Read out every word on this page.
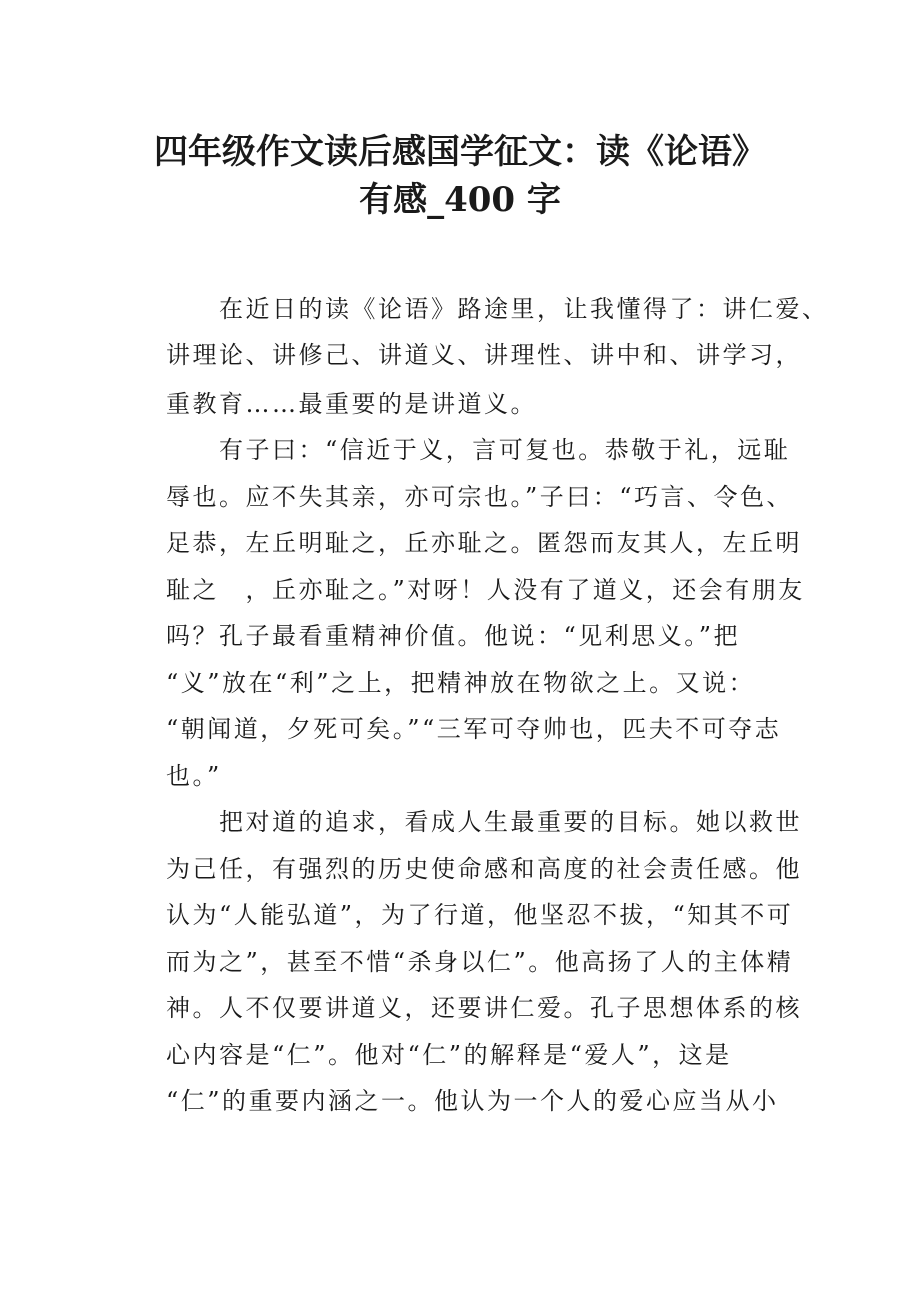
四年级作文读后感国学征文：读《论语》
有感_400 字
　　在近日的读《论语》路途里，让我懂得了：讲仁爱、
讲理论、讲修己、讲道义、讲理性、讲中和、讲学习，
重教育……最重要的是讲道义。
　　有子曰：“信近于义，言可复也。恭敬于礼，远耻
辱也。应不失其亲，亦可宗也。”子曰：“巧言、令色、
足恭，左丘明耻之，丘亦耻之。匿怨而友其人，左丘明
耻之　，丘亦耻之。”对呀！人没有了道义，还会有朋友
吗？孔子最看重精神价值。他说：“见利思义。”把
“义”放在“利”之上，把精神放在物欲之上。又说：
“朝闻道，夕死可矣。”“三军可夺帅也，匹夫不可夺志
也。”
　　把对道的追求，看成人生最重要的目标。她以救世
为己任，有强烈的历史使命感和高度的社会责任感。他
认为“人能弘道”，为了行道，他坚忍不拔，“知其不可
而为之”，甚至不惜“杀身以仁”。他高扬了人的主体精
神。人不仅要讲道义，还要讲仁爱。孔子思想体系的核
心内容是“仁”。他对“仁”的解释是“爱人”，这是
“仁”的重要内涵之一。他认为一个人的爱心应当从小
